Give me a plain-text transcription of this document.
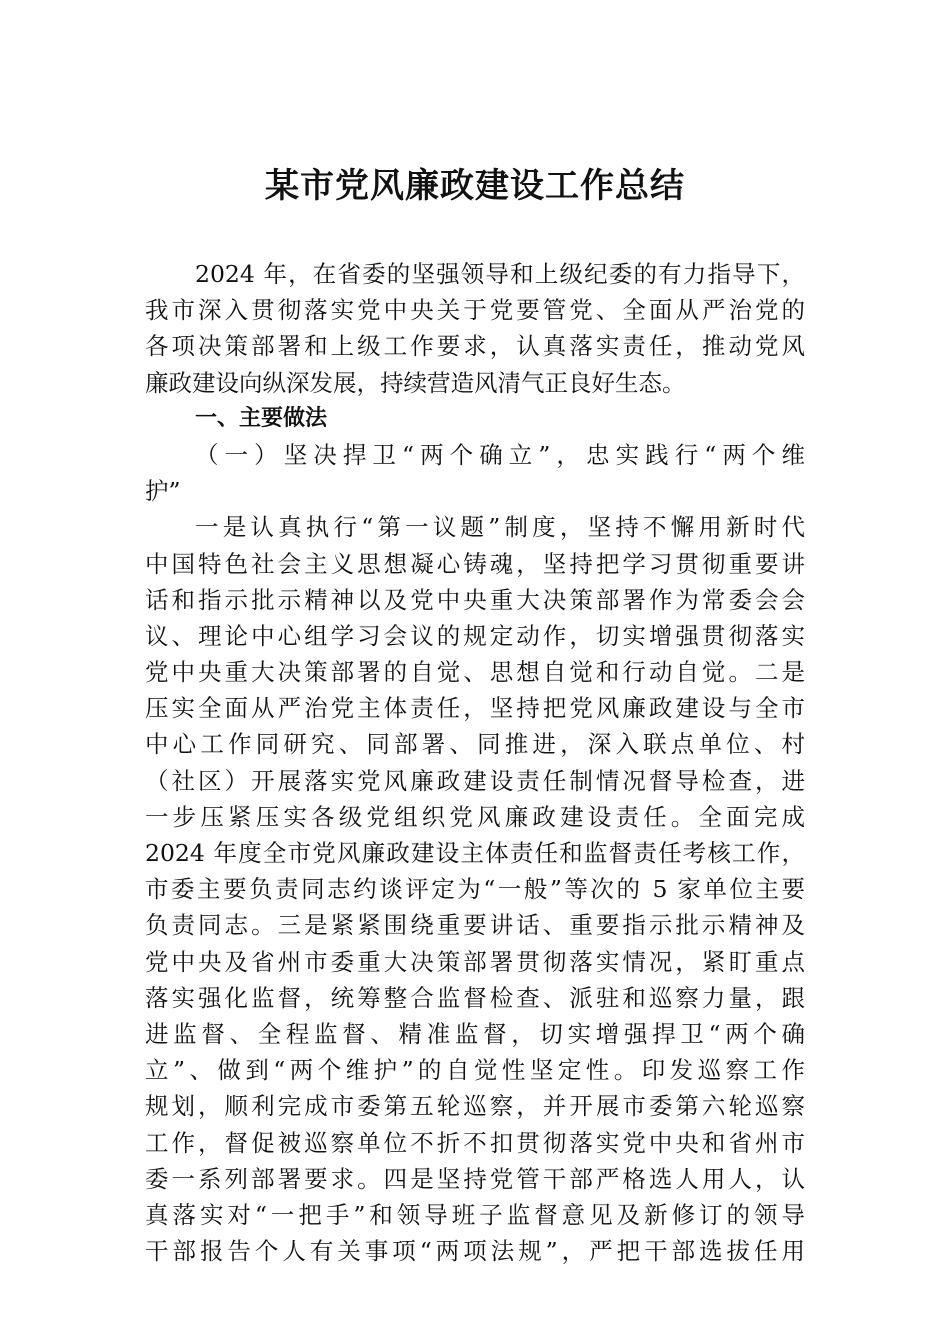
某市党风廉政建设工作总结

2024 年，在省委的坚强领导和上级纪委的有力指导下，

我市深入贯彻落实党中央关于党要管党、全面从严治党的

各项决策部署和上级工作要求，认真落实责任，推动党风

廉政建设向纵深发展，持续营造风清气正良好生态。

一、主要做法

（一）坚决捍卫“两个确立”，忠实践行“两个维

护”

一是认真执行“第一议题”制度，坚持不懈用新时代

中国特色社会主义思想凝心铸魂，坚持把学习贯彻重要讲

话和指示批示精神以及党中央重大决策部署作为常委会会

议、理论中心组学习会议的规定动作，切实增强贯彻落实

党中央重大决策部署的自觉、思想自觉和行动自觉。二是

压实全面从严治党主体责任，坚持把党风廉政建设与全市

中心工作同研究、同部署、同推进，深入联点单位、村

（社区）开展落实党风廉政建设责任制情况督导检查，进

一步压紧压实各级党组织党风廉政建设责任。全面完成

2024 年度全市党风廉政建设主体责任和监督责任考核工作，

市委主要负责同志约谈评定为“一般”等次的 5 家单位主要

负责同志。三是紧紧围绕重要讲话、重要指示批示精神及

党中央及省州市委重大决策部署贯彻落实情况，紧盯重点

落实强化监督，统筹整合监督检查、派驻和巡察力量，跟

进监督、全程监督、精准监督，切实增强捍卫“两个确

立”、做到“两个维护”的自觉性坚定性。印发巡察工作

规划，顺利完成市委第五轮巡察，并开展市委第六轮巡察

工作，督促被巡察单位不折不扣贯彻落实党中央和省州市

委一系列部署要求。四是坚持党管干部严格选人用人，认

真落实对“一把手”和领导班子监督意见及新修订的领导

干部报告个人有关事项“两项法规”，严把干部选拔任用
